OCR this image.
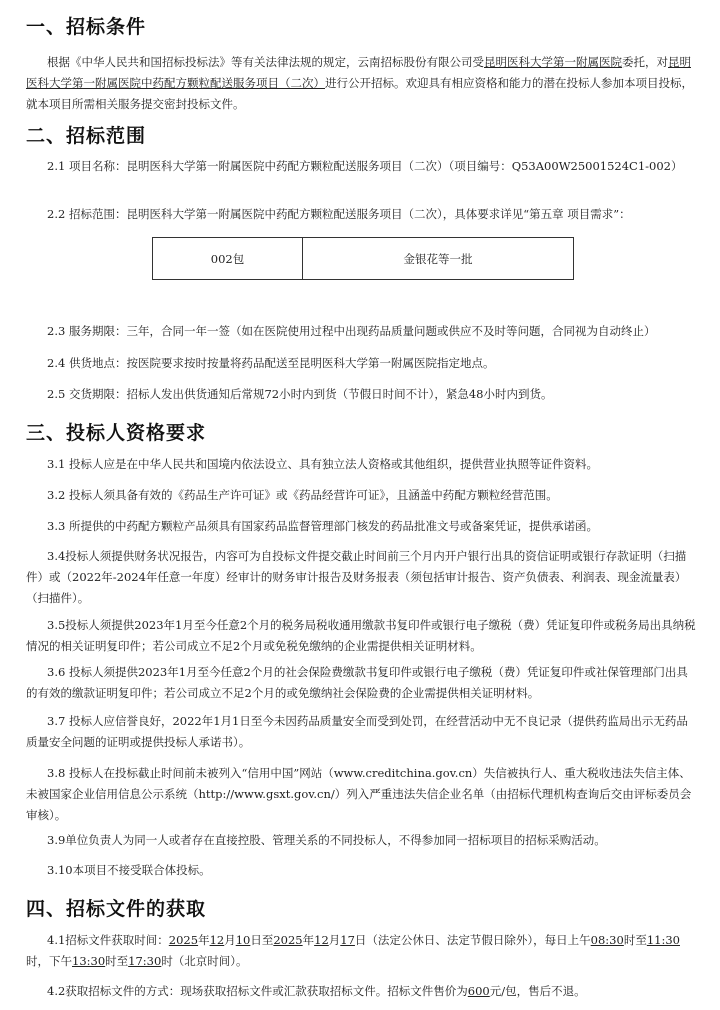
一、招标条件

根据《中华人民共和国招标投标法》等有关法律法规的规定，云南招标股份有限公司受昆明医科大学第一附属医院委托，对昆明医科大学第一附属医院中药配方颗粒配送服务项目（二次）进行公开招标。欢迎具有相应资格和能力的潜在投标人参加本项目投标，就本项目所需相关服务提交密封投标文件。

二、招标范围

2.1 项目名称：昆明医科大学第一附属医院中药配方颗粒配送服务项目（二次）（项目编号：Q53A00W25001524C1-002）

2.2 招标范围：昆明医科大学第一附属医院中药配方颗粒配送服务项目（二次），具体要求详见“第五章 项目需求”：

002包	金银花等一批

2.3 服务期限：三年，合同一年一签（如在医院使用过程中出现药品质量问题或供应不及时等问题，合同视为自动终止）

2.4 供货地点：按医院要求按时按量将药品配送至昆明医科大学第一附属医院指定地点。

2.5 交货期限：招标人发出供货通知后常规72小时内到货（节假日时间不计），紧急48小时内到货。

三、投标人资格要求

3.1 投标人应是在中华人民共和国境内依法设立、具有独立法人资格或其他组织，提供营业执照等证件资料。

3.2 投标人须具备有效的《药品生产许可证》或《药品经营许可证》，且涵盖中药配方颗粒经营范围。

3.3 所提供的中药配方颗粒产品须具有国家药品监督管理部门核发的药品批准文号或备案凭证，提供承诺函。

3.4投标人须提供财务状况报告，内容可为自投标文件提交截止时间前三个月内开户银行出具的资信证明或银行存款证明（扫描件）或（2022年-2024年任意一年度）经审计的财务审计报告及财务报表（须包括审计报告、资产负债表、利润表、现金流量表）（扫描件）。

3.5投标人须提供2023年1月至今任意2个月的税务局税收通用缴款书复印件或银行电子缴税（费）凭证复印件或税务局出具纳税情况的相关证明复印件；若公司成立不足2个月或免税免缴纳的企业需提供相关证明材料。

3.6 投标人须提供2023年1月至今任意2个月的社会保险费缴款书复印件或银行电子缴税（费）凭证复印件或社保管理部门出具的有效的缴款证明复印件；若公司成立不足2个月的或免缴纳社会保险费的企业需提供相关证明材料。

3.7 投标人应信誉良好，2022年1月1日至今未因药品质量安全而受到处罚，在经营活动中无不良记录（提供药监局出示无药品质量安全问题的证明或提供投标人承诺书）。

3.8 投标人在投标截止时间前未被列入“信用中国”网站（www.creditchina.gov.cn）失信被执行人、重大税收违法失信主体、未被国家企业信用信息公示系统（http://www.gsxt.gov.cn/）列入严重违法失信企业名单（由招标代理机构查询后交由评标委员会审核）。

3.9单位负责人为同一人或者存在直接控股、管理关系的不同投标人，不得参加同一招标项目的招标采购活动。

3.10本项目不接受联合体投标。

四、招标文件的获取

4.1招标文件获取时间：2025年12月10日至2025年12月17日（法定公休日、法定节假日除外），每日上午08:30时至11:30时，下午13:30时至17:30时（北京时间）。

4.2获取招标文件的方式：现场获取招标文件或汇款获取招标文件。招标文件售价为600元/包，售后不退。
